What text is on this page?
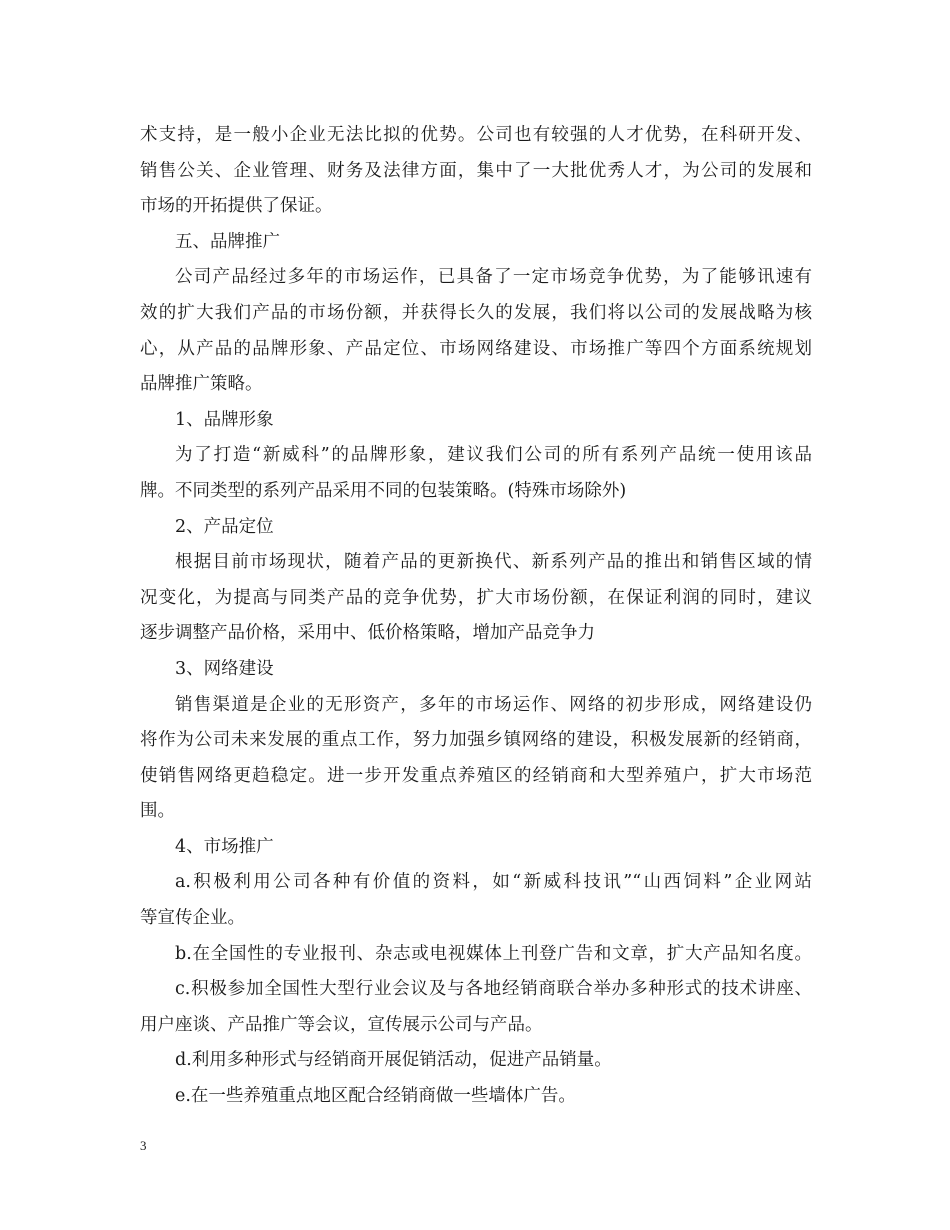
术支持，是一般小企业无法比拟的优势。公司也有较强的人才优势，在科研开发、
销售公关、企业管理、财务及法律方面，集中了一大批优秀人才，为公司的发展和
市场的开拓提供了保证。
五、品牌推广
公司产品经过多年的市场运作，已具备了一定市场竞争优势，为了能够讯速有
效的扩大我们产品的市场份额，并获得长久的发展，我们将以公司的发展战略为核
心，从产品的品牌形象、产品定位、市场网络建设、市场推广等四个方面系统规划
品牌推广策略。
1、品牌形象
为了打造“新威科”的品牌形象，建议我们公司的所有系列产品统一使用该品
牌。不同类型的系列产品采用不同的包装策略。(特殊市场除外)
2、产品定位
根据目前市场现状，随着产品的更新换代、新系列产品的推出和销售区域的情
况变化，为提高与同类产品的竞争优势，扩大市场份额，在保证利润的同时，建议
逐步调整产品价格，采用中、低价格策略，增加产品竞争力
3、网络建设
销售渠道是企业的无形资产，多年的市场运作、网络的初步形成，网络建设仍
将作为公司未来发展的重点工作，努力加强乡镇网络的建设，积极发展新的经销商，
使销售网络更趋稳定。进一步开发重点养殖区的经销商和大型养殖户，扩大市场范
围。
4、市场推广
a.积极利用公司各种有价值的资料，如“新威科技讯”“山西饲料”企业网站
等宣传企业。
b.在全国性的专业报刊、杂志或电视媒体上刊登广告和文章，扩大产品知名度。
c.积极参加全国性大型行业会议及与各地经销商联合举办多种形式的技术讲座、
用户座谈、产品推广等会议，宣传展示公司与产品。
d.利用多种形式与经销商开展促销活动，促进产品销量。
e.在一些养殖重点地区配合经销商做一些墙体广告。
3
